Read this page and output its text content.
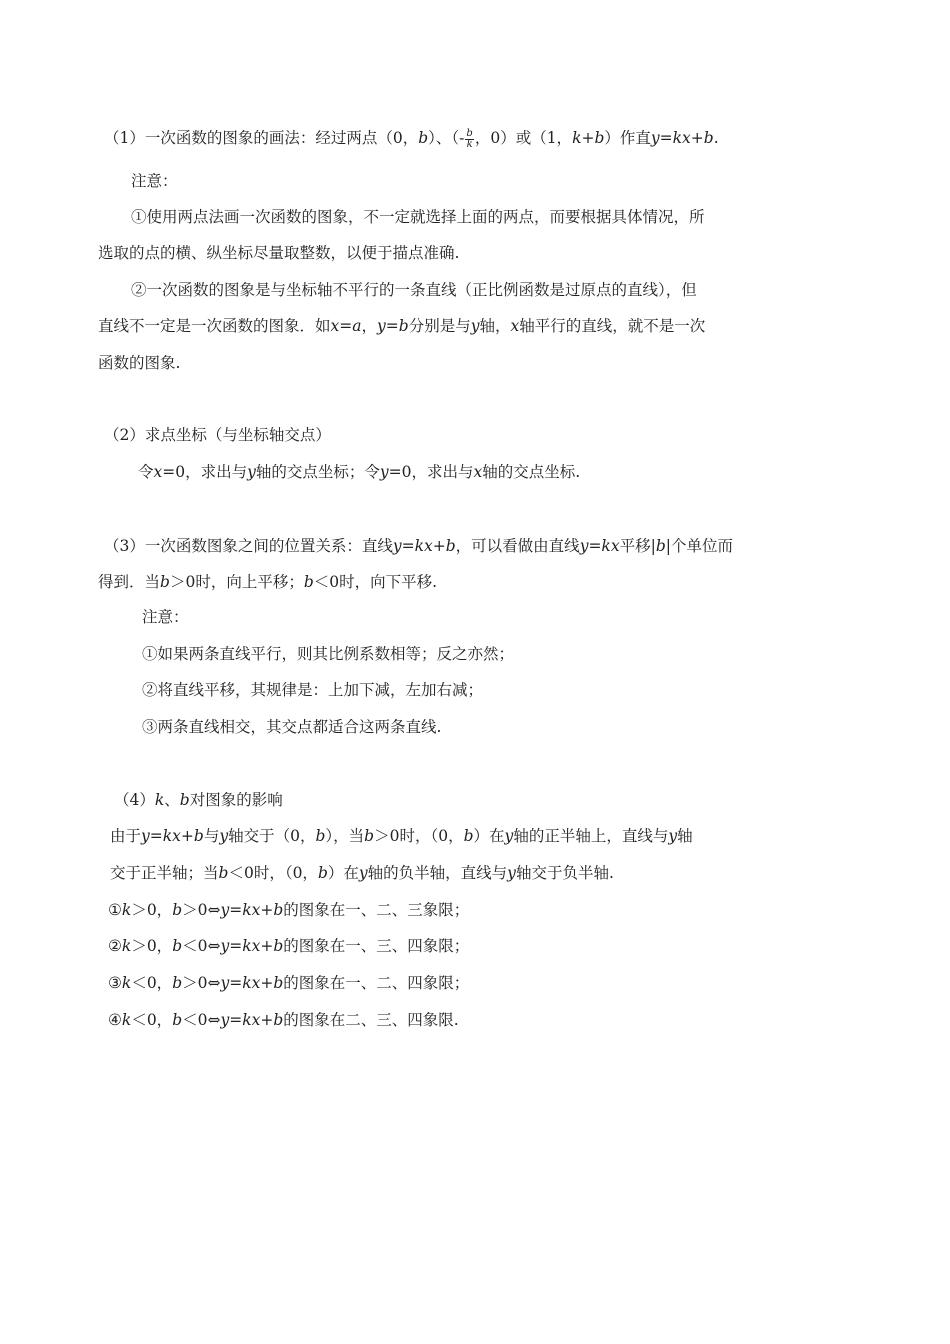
（1）一次函数的图象的画法：经过两点（0，b）、（- $\frac{b}{k}$ ，0）或（1，k+b）作直y=kx+b.
注意：
①使用两点法画一次函数的图象，不一定就选择上面的两点，而要根据具体情况，所
选取的点的横、纵坐标尽量取整数，以便于描点准确.
②一次函数的图象是与坐标轴不平行的一条直线（正比例函数是过原点的直线），但
直线不一定是一次函数的图象．如x=a，y=b分别是与y轴，x轴平行的直线，就不是一次
函数的图象.
（2）求点坐标（与坐标轴交点）
令x=0，求出与y轴的交点坐标；令y=0，求出与x轴的交点坐标.
（3）一次函数图象之间的位置关系：直线y=kx+b，可以看做由直线y=kx平移|b|个单位而
得到．当b＞0时，向上平移；b＜0时，向下平移.
注意：
①如果两条直线平行，则其比例系数相等；反之亦然；
②将直线平移，其规律是：上加下减，左加右减；
③两条直线相交，其交点都适合这两条直线.
（4）k、b对图象的影响
由于y=kx+b与y轴交于（0，b），当b＞0时，（0，b）在y轴的正半轴上，直线与y轴
交于正半轴；当b＜0时，（0，b）在y轴的负半轴，直线与y轴交于负半轴.
①k＞0，b＞0⇔y=kx+b的图象在一、二、三象限；
②k＞0，b＜0⇔y=kx+b的图象在一、三、四象限；
③k＜0，b＞0⇔y=kx+b的图象在一、二、四象限；
④k＜0，b＜0⇔y=kx+b的图象在二、三、四象限.
